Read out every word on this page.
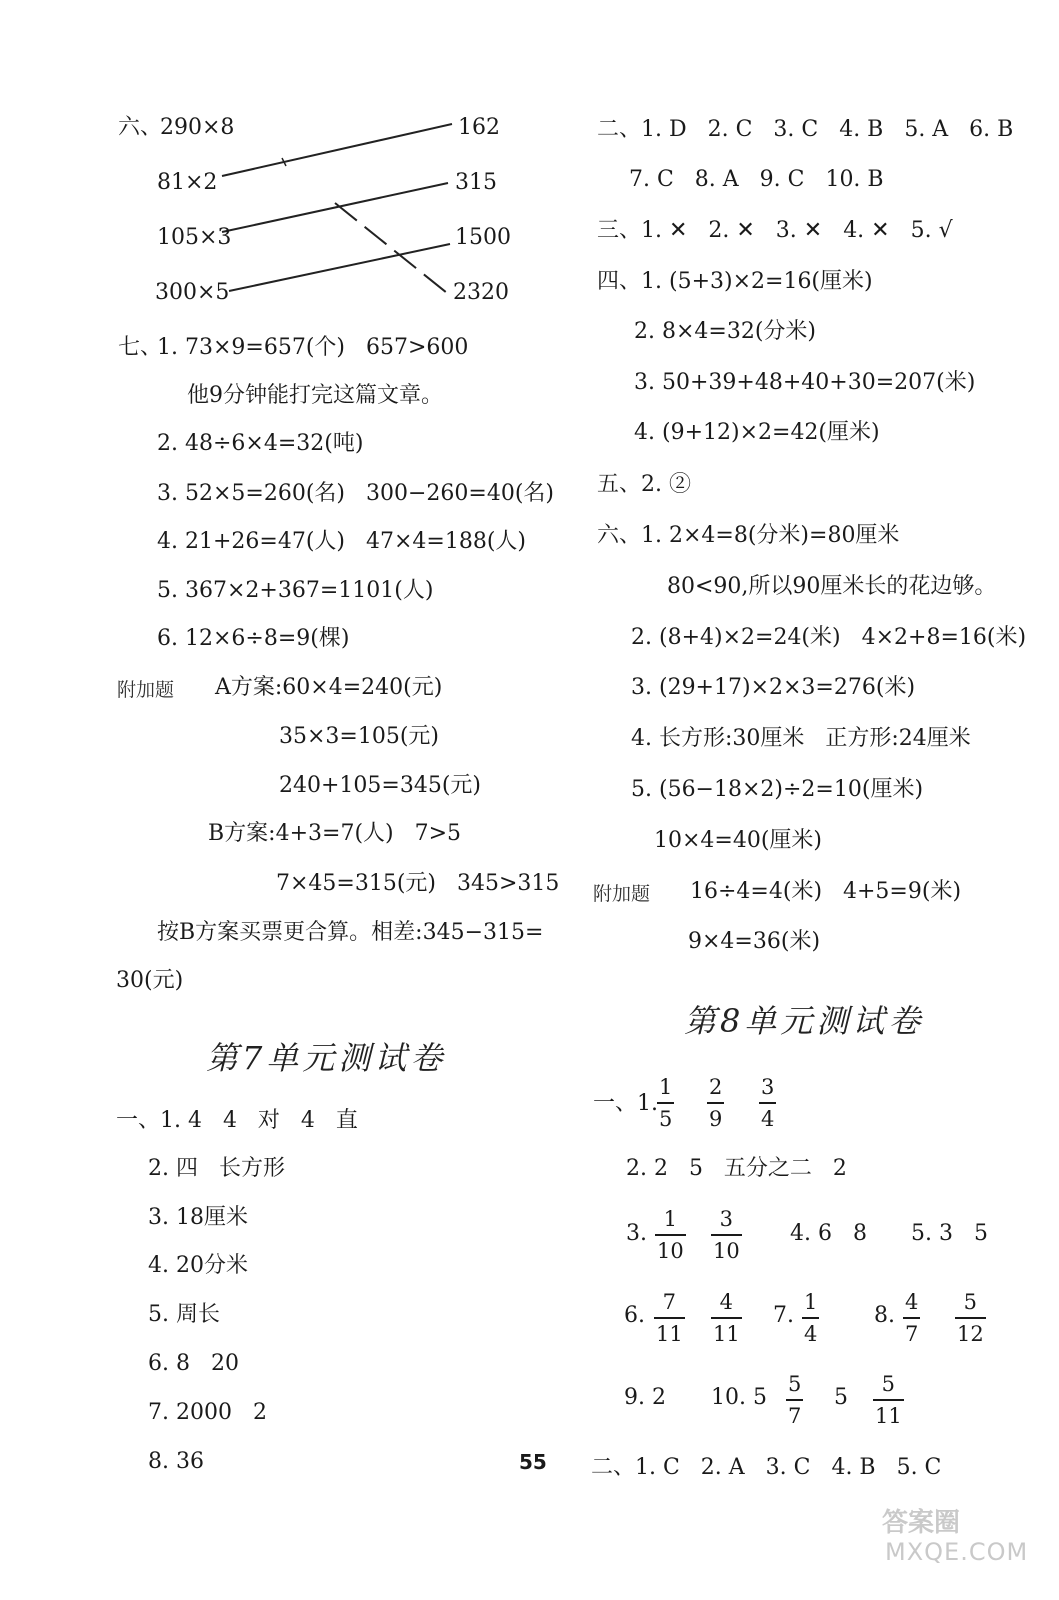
六、
290×8
81×2
105×3
300×5
162
315
1500
2320
七、
1. 73×9=657(个)   657>600
他9分钟能打完这篇文章。
2. 48÷6×4=32(吨)
3. 52×5=260(名)   300−260=40(名)
4. 21+26=47(人)   47×4=188(人)
5. 367×2+367=1101(人)
6. 12×6÷8=9(棵)
附加题 A方案:60×4=240(元)
35×3=105(元)
240+105=345(元)
B方案:4+3=7(人)   7>5
7×45=315(元)   345>315
按B方案买票更合算。相差:345−315=
30(元)
第7单元测试卷
一、1. 4   4   对   4   直
2. 四   长方形
3. 18厘米
4. 20分米
5. 周长
6. 8   20
7. 2000   2
8. 36
二、1. D   2. C   3. C   4. B   5. A   6. B
7. C   8. A   9. C   10. B
三、1. ✕   2. ✕   3. ✕   4. ✕   5. √
四、1. (5+3)×2=16(厘米)
2. 8×4=32(分米)
3. 50+39+48+40+30=207(米)
4. (9+12)×2=42(厘米)
五、2. ②
六、1. 2×4=8(分米)=80厘米
80<90,所以90厘米长的花边够。
2. (8+4)×2=24(米)   4×2+8=16(米)
3. (29+17)×2×3=276(米)
4. 长方形:30厘米   正方形:24厘米
5. (56−18×2)÷2=10(厘米)
10×4=40(厘米)
附加题 16÷4=4(米)   4+5=9(米)
9×4=36(米)
第8单元测试卷
一、1.
1
5
2
9
3
4
2. 2   5   五分之二   2
3.
1
10
3
10
4. 6   8 5. 3   5
6.
7
11
4
11
7.
1
4
8.
4
7
5
12
9. 2 10. 5
5
7
5
5
11
二、1. C   2. A   3. C   4. B   5. C
55
答案圈
MXQE.COM
